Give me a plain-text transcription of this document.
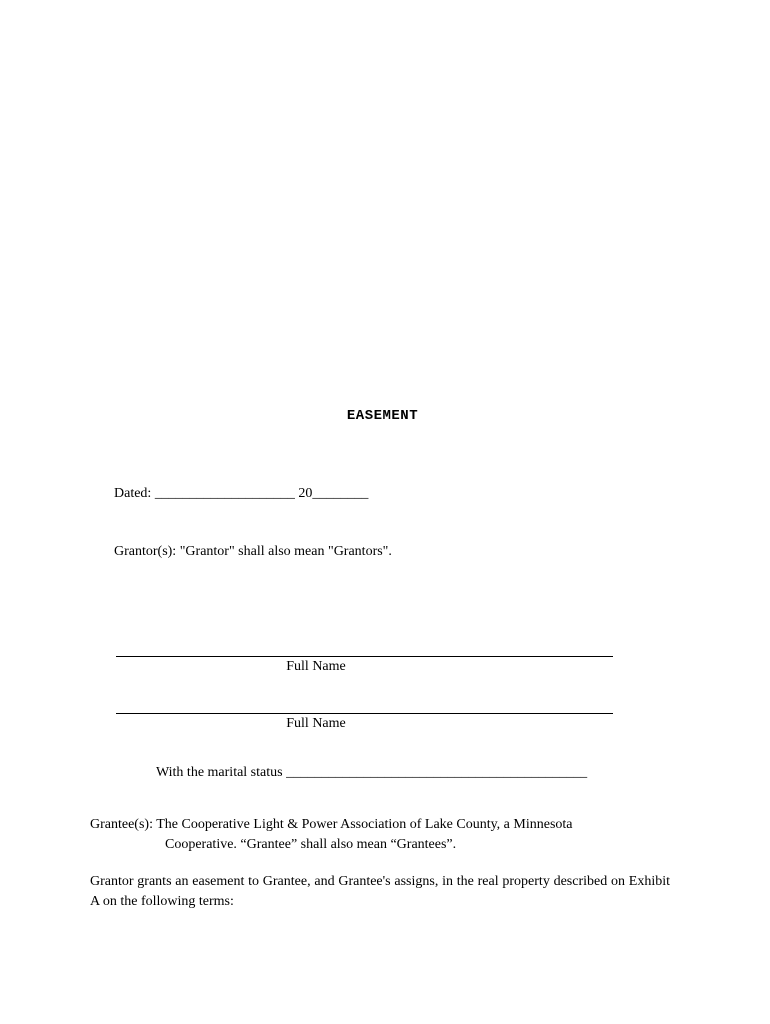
EASEMENT
Dated: ____________________ 20________
Grantor(s): "Grantor" shall also mean "Grantors".
Full Name
Full Name
With the marital status ___________________________________________
Grantee(s): The Cooperative Light & Power Association of Lake County, a Minnesota
Cooperative. “Grantee” shall also mean “Grantees”.
Grantor grants an easement to Grantee, and Grantee's assigns, in the real property described on Exhibit A on the following terms:
